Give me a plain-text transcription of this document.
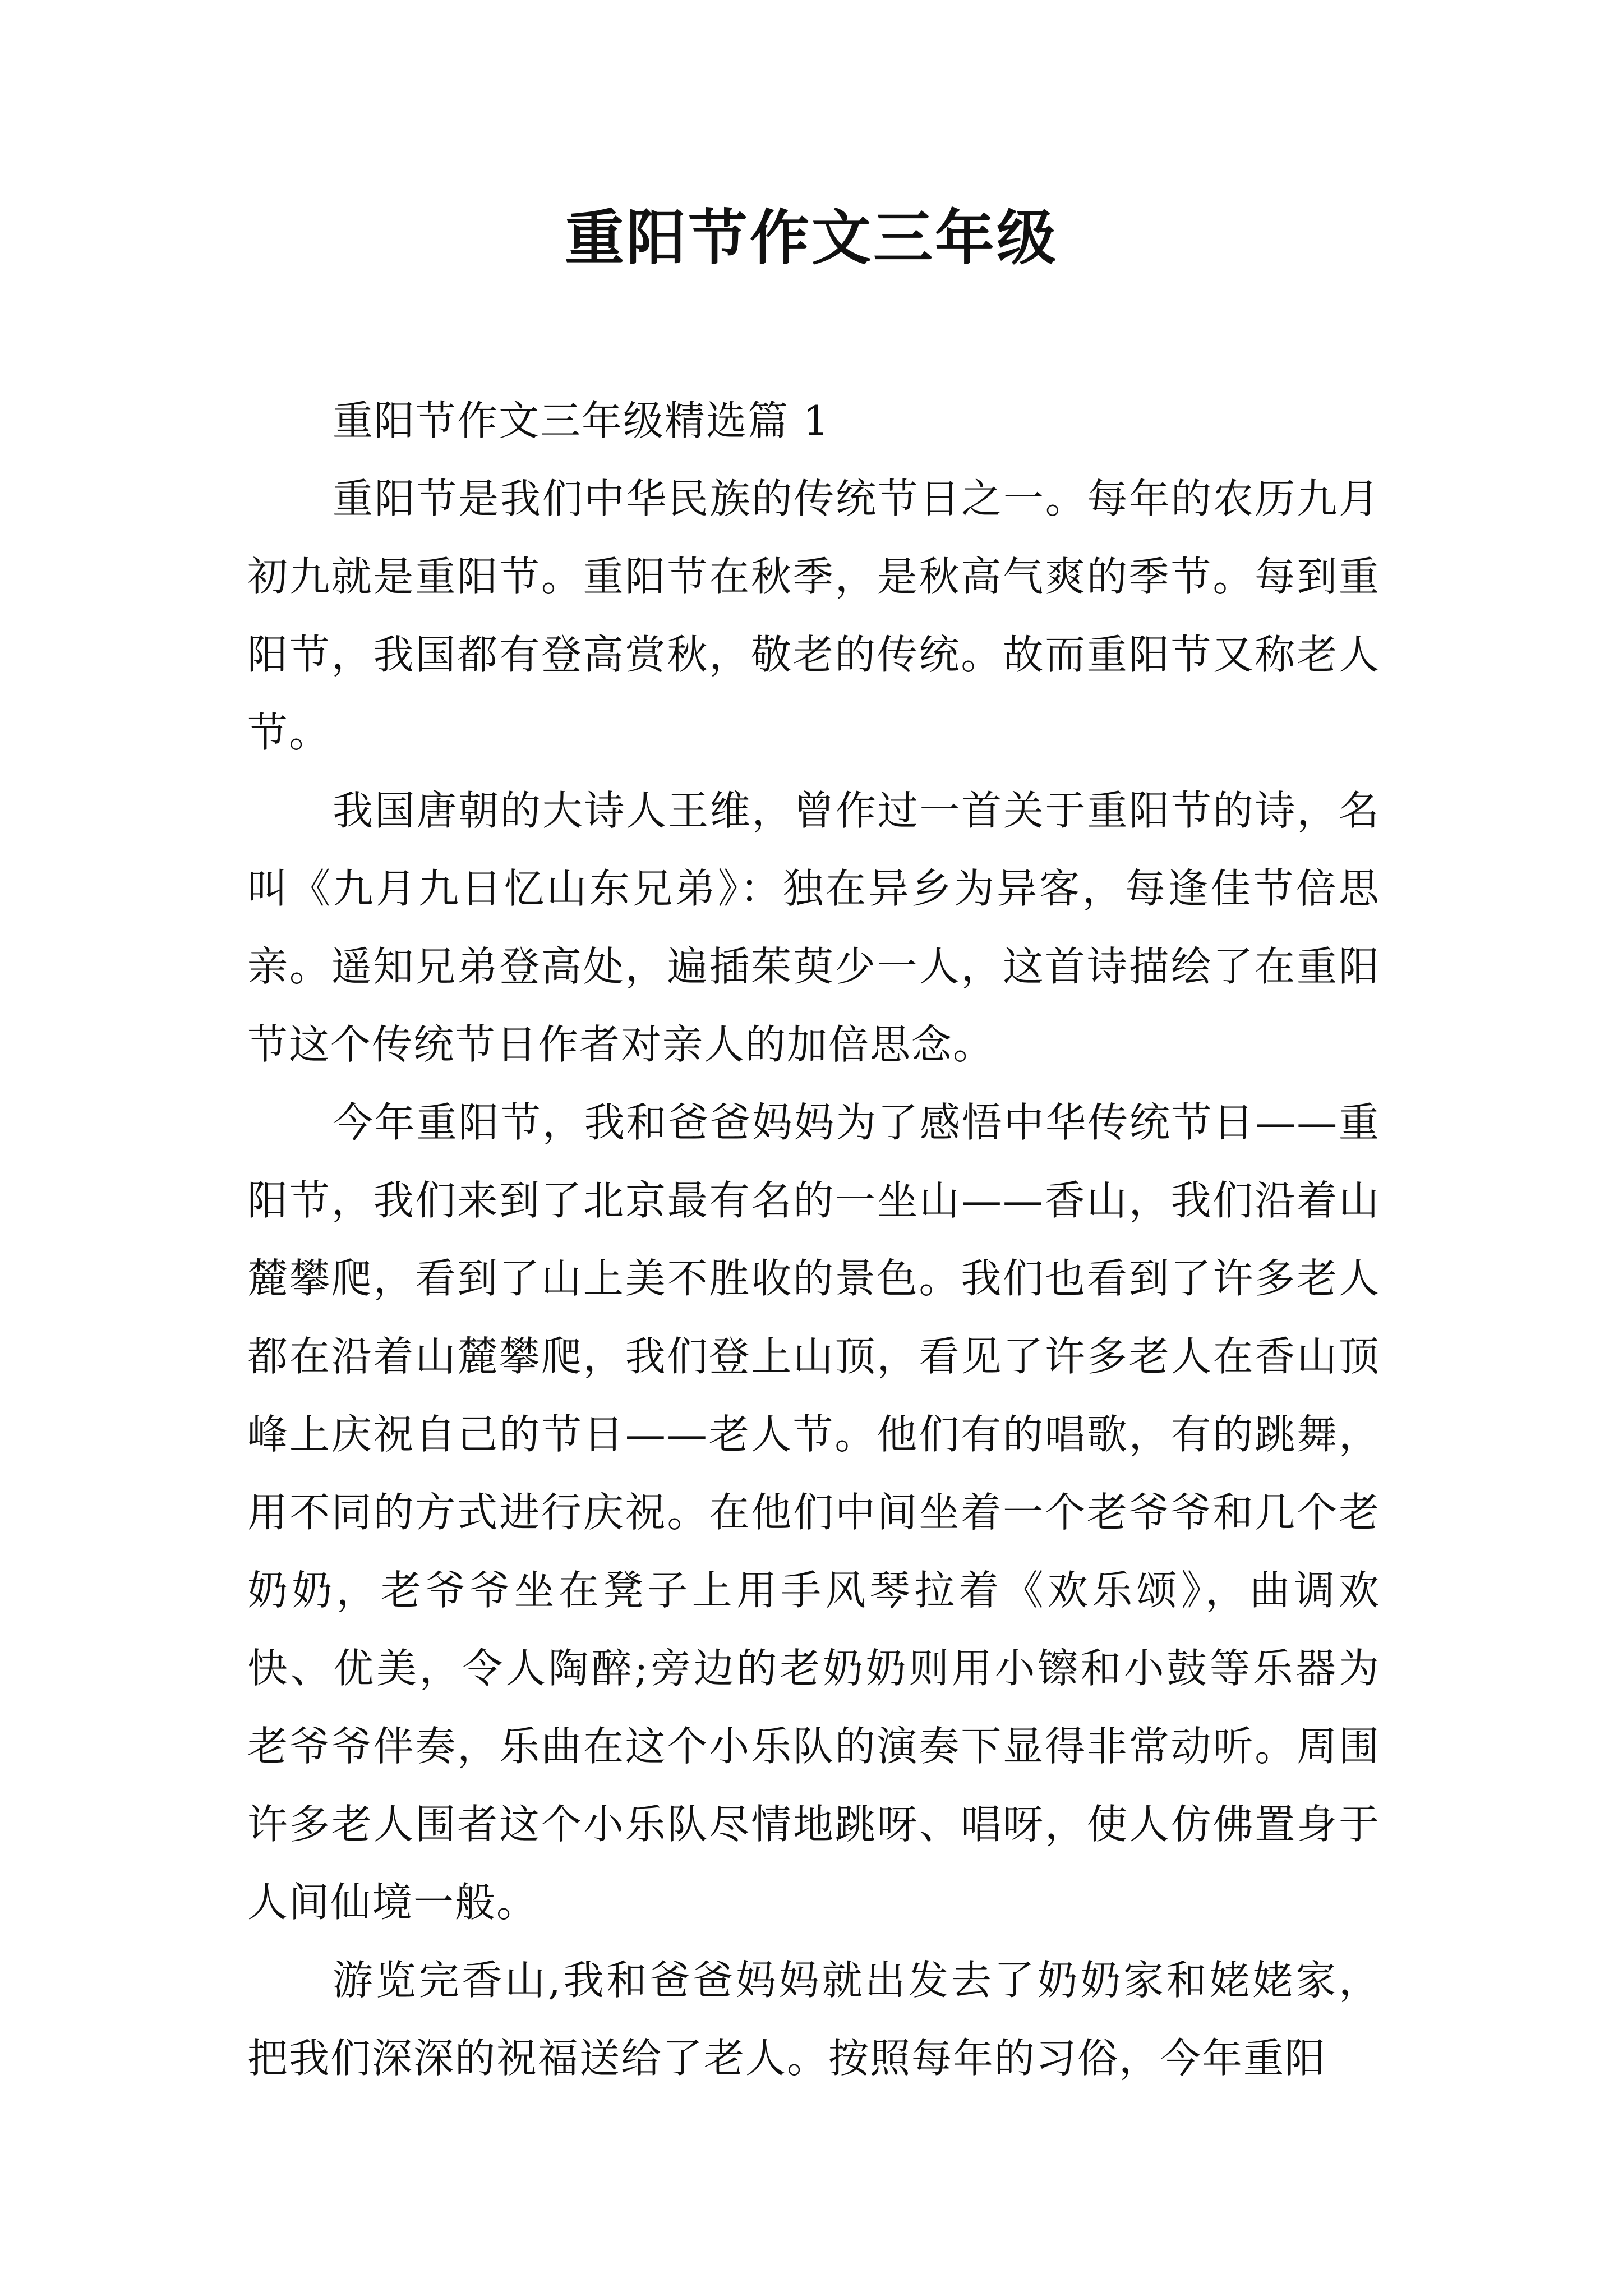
重阳节作文三年级

重阳节作文三年级精选篇 1

重阳节是我们中华民族的传统节日之一。每年的农历九月初九就是重阳节。重阳节在秋季，是秋高气爽的季节。每到重阳节，我国都有登高赏秋，敬老的传统。故而重阳节又称老人节。

我国唐朝的大诗人王维，曾作过一首关于重阳节的诗，名叫《九月九日忆山东兄弟》：独在异乡为异客，每逢佳节倍思亲。遥知兄弟登高处，遍插茱萸少一人，这首诗描绘了在重阳节这个传统节日作者对亲人的加倍思念。

今年重阳节，我和爸爸妈妈为了感悟中华传统节日——重阳节，我们来到了北京最有名的一坐山——香山，我们沿着山麓攀爬，看到了山上美不胜收的景色。我们也看到了许多老人都在沿着山麓攀爬，我们登上山顶，看见了许多老人在香山顶峰上庆祝自己的节日——老人节。他们有的唱歌，有的跳舞，用不同的方式进行庆祝。在他们中间坐着一个老爷爷和几个老奶奶，老爷爷坐在凳子上用手风琴拉着《欢乐颂》，曲调欢快、优美，令人陶醉;旁边的老奶奶则用小镲和小鼓等乐器为老爷爷伴奏，乐曲在这个小乐队的演奏下显得非常动听。周围许多老人围者这个小乐队尽情地跳呀、唱呀，使人仿佛置身于人间仙境一般。

游览完香山,我和爸爸妈妈就出发去了奶奶家和姥姥家，把我们深深的祝福送给了老人。按照每年的习俗，今年重阳
